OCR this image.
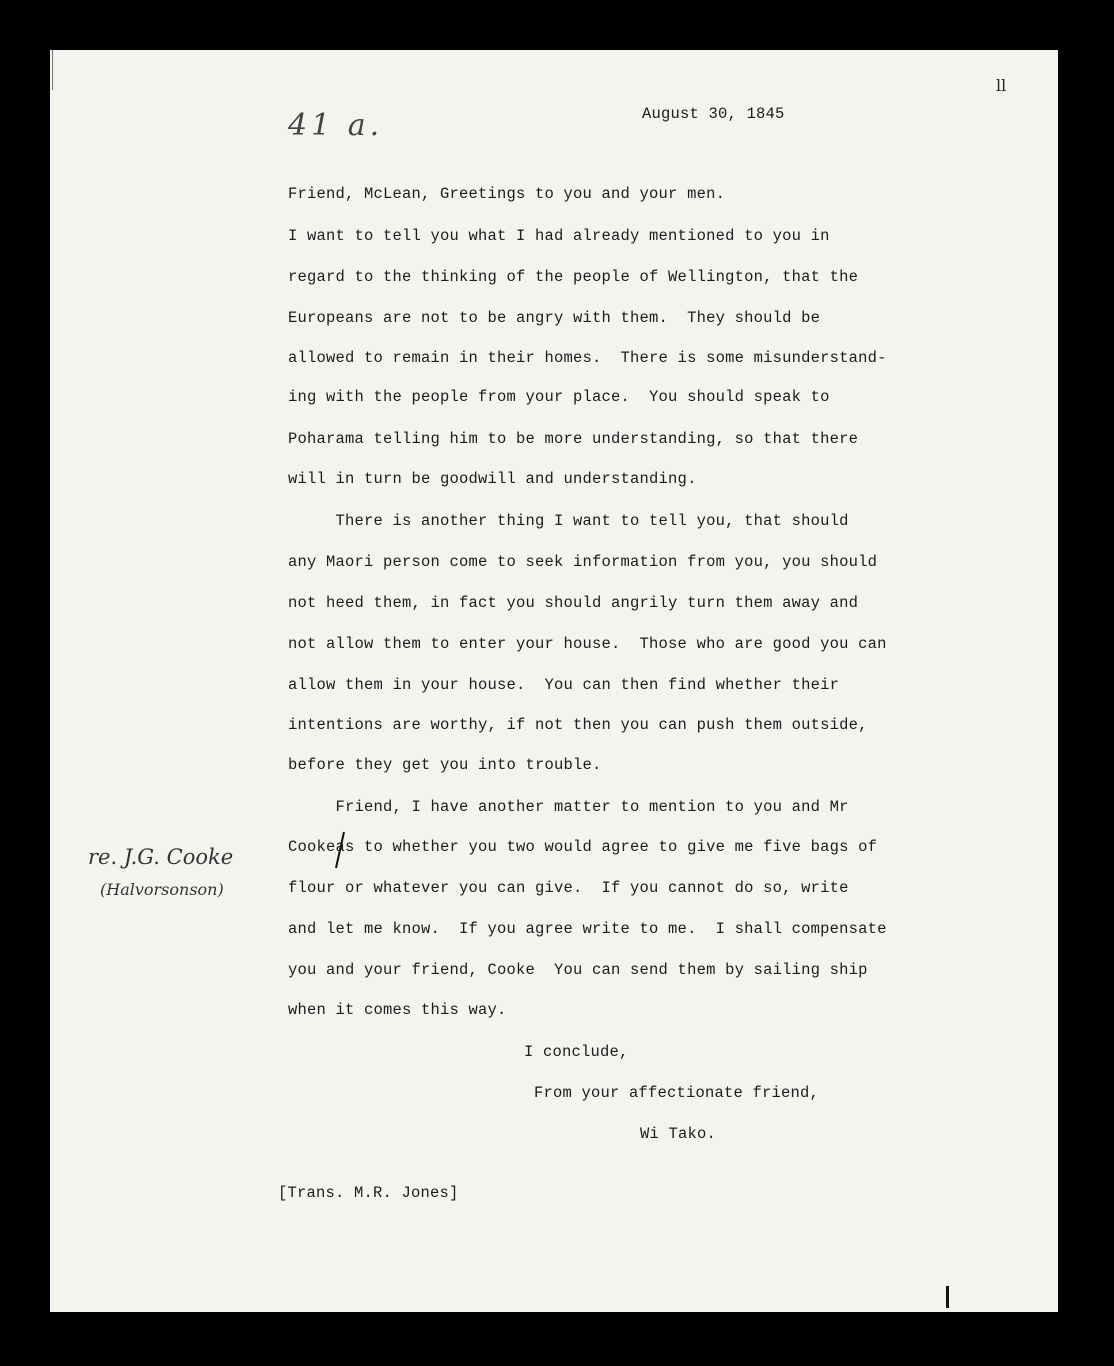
41 a.
ll
August 30, 1845
Friend, McLean, Greetings to you and your men.
I want to tell you what I had already mentioned to you in
regard to the thinking of the people of Wellington, that the
Europeans are not to be angry with them.  They should be
allowed to remain in their homes.  There is some misunderstand-
ing with the people from your place.  You should speak to
Poharama telling him to be more understanding, so that there
will in turn be goodwill and understanding.
There is another thing I want to tell you, that should
any Maori person come to seek information from you, you should
not heed them, in fact you should angrily turn them away and
not allow them to enter your house.  Those who are good you can
allow them in your house.  You can then find whether their
intentions are worthy, if not then you can push them outside,
before they get you into trouble.
Friend, I have another matter to mention to you and Mr
Cookeas to whether you two would agree to give me five bags of
flour or whatever you can give.  If you cannot do so, write
and let me know.  If you agree write to me.  I shall compensate
you and your friend, Cooke  You can send them by sailing ship
when it comes this way.
I conclude,
From your affectionate friend,
Wi Tako.
re. J.G. Cooke
(Halvorsonson)
[Trans. M.R. Jones]
